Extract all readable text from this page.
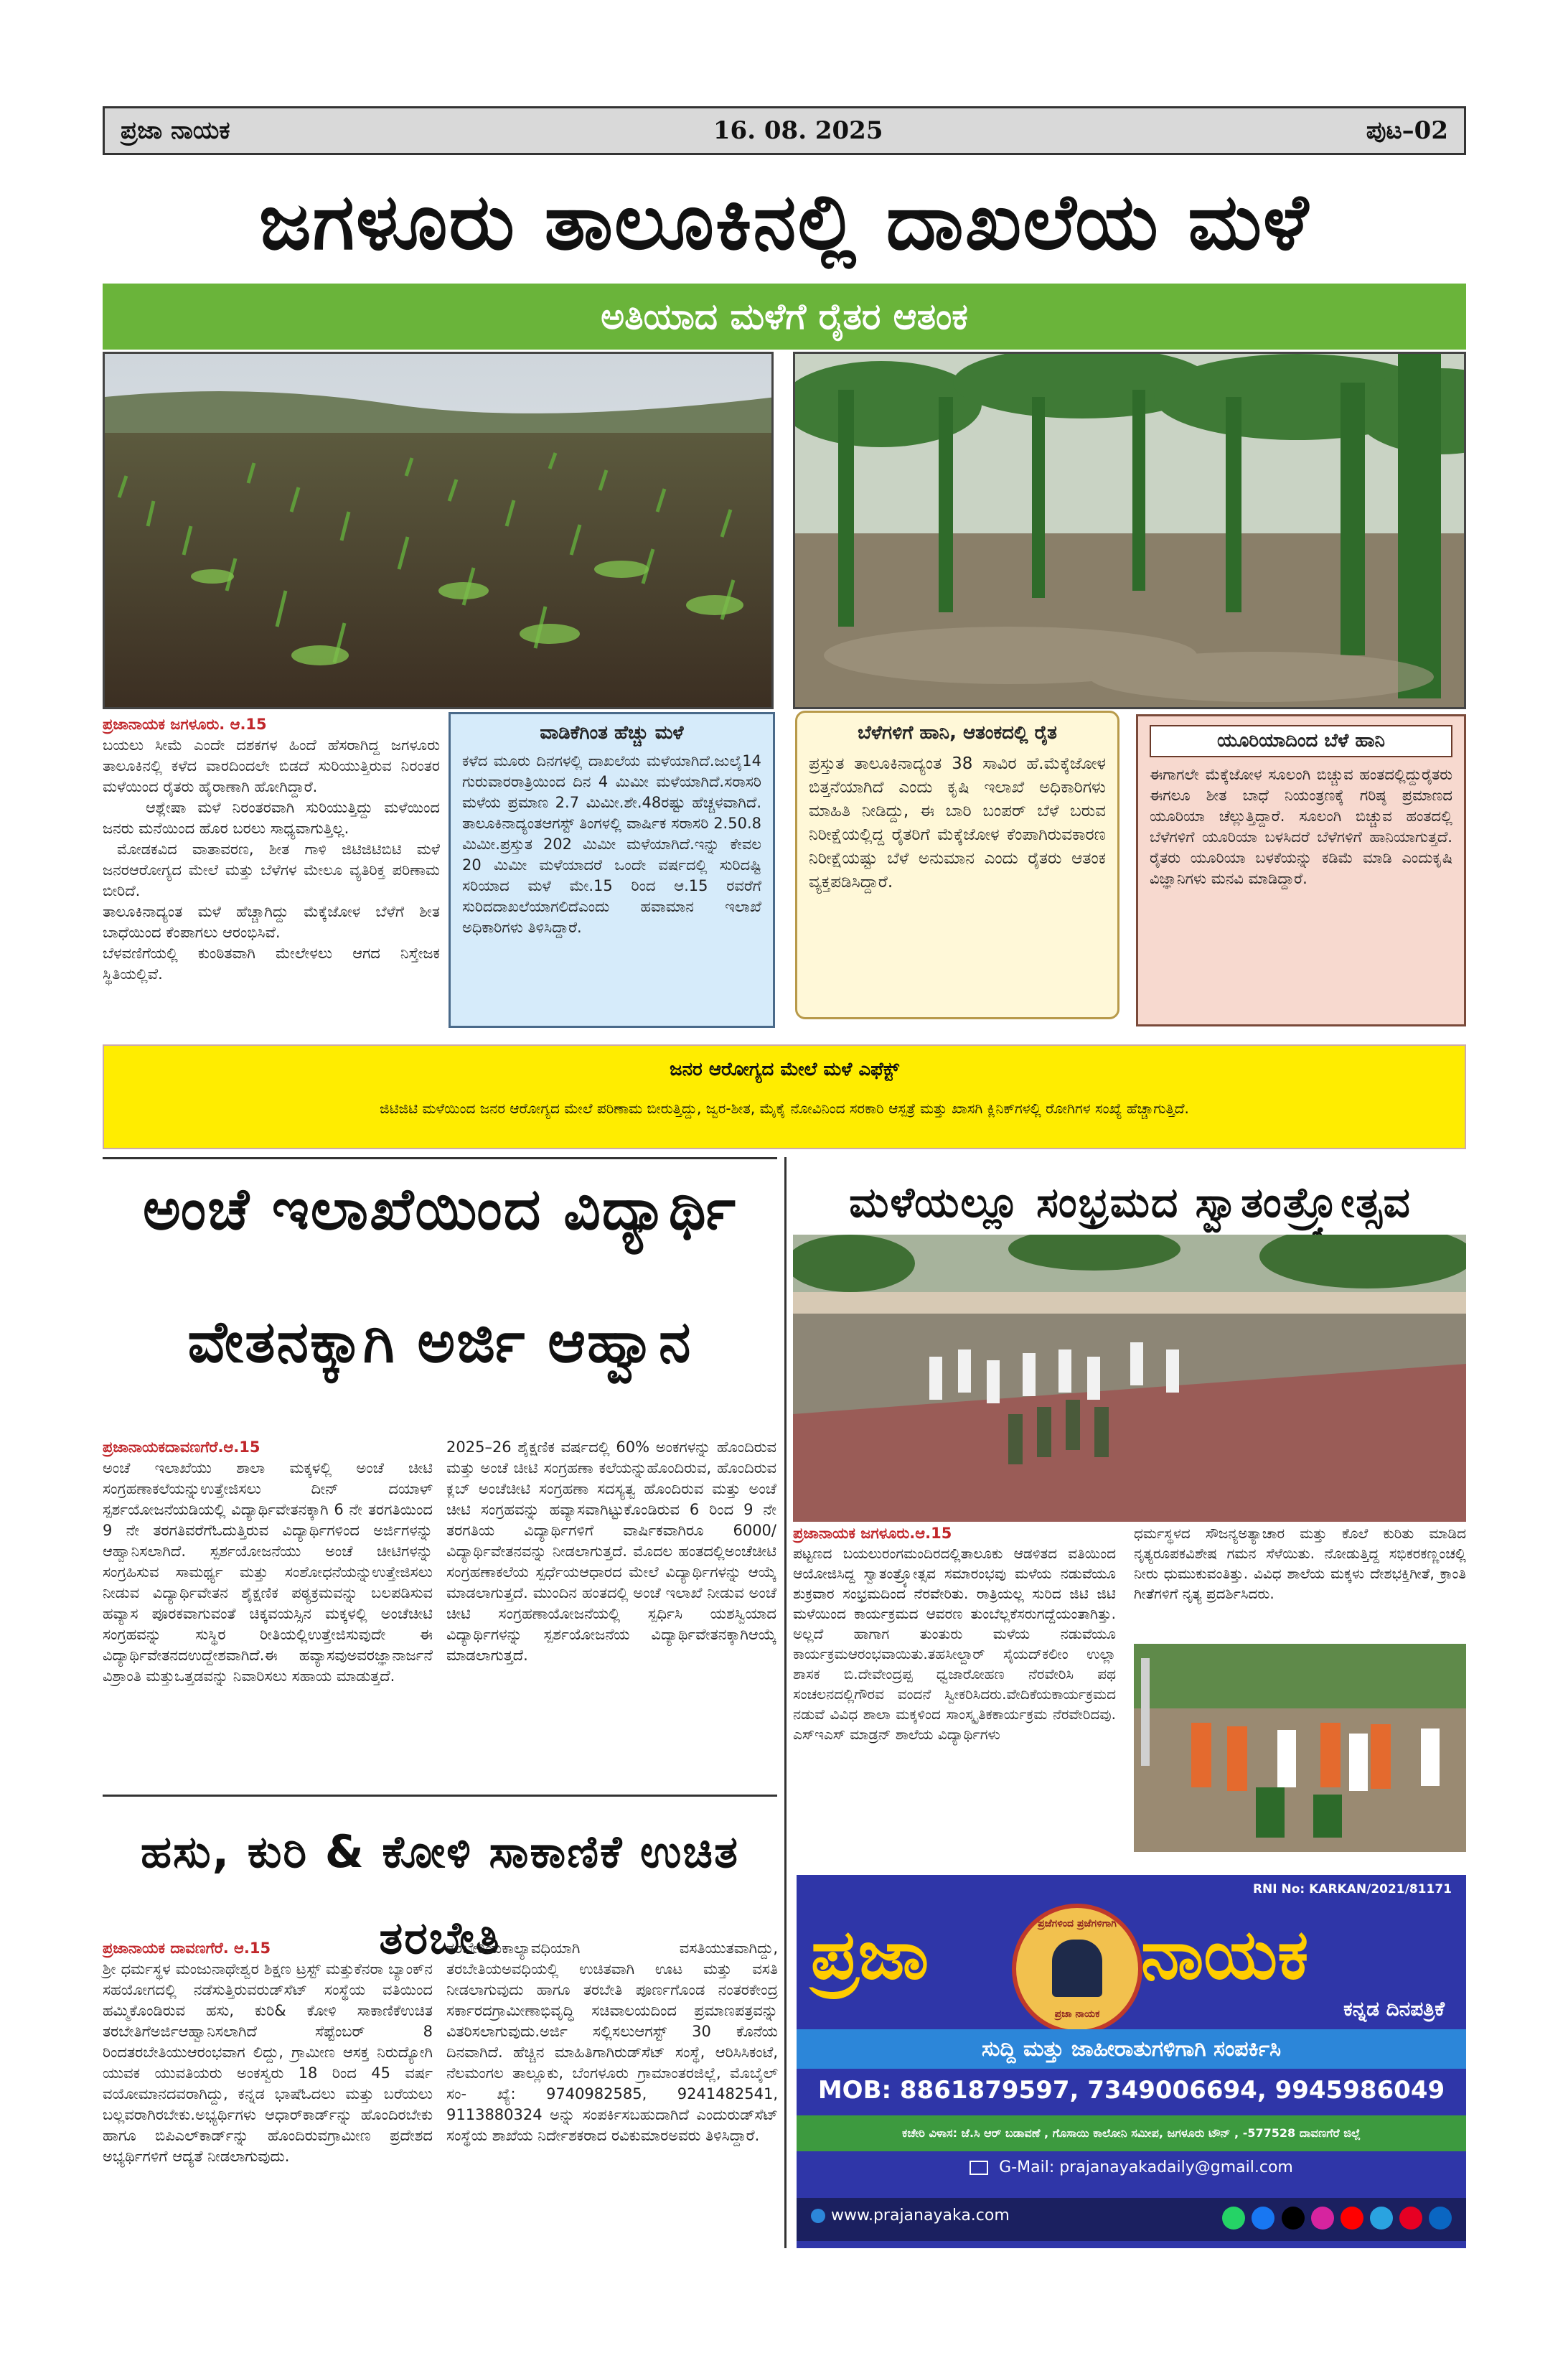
ಪ್ರಜಾ ನಾಯಕ	16. 08. 2025	ಪುಟ–02
ಜಗಳೂರು ತಾಲೂಕಿನಲ್ಲಿ ದಾಖಲೆಯ ಮಳೆ
ಅತಿಯಾದ ಮಳೆಗೆ ರೈತರ ಆತಂಕ
ಪ್ರಜಾನಾಯಕ ಜಗಳೂರು. ಆ.15
ಬಯಲು ಸೀಮೆ ಎಂದೇ ದಶಕಗಳ ಹಿಂದೆ ಹೆಸರಾಗಿದ್ದ ಜಗಳೂರು ತಾಲೂಕಿನಲ್ಲಿ ಕಳೆದ ವಾರದಿಂದಲೇ ಬಿಡದೆ ಸುರಿಯುತ್ತಿರುವ ನಿರಂತರ ಮಳೆಯಿಂದ ರೈತರು ಹೈರಾಣಾಗಿ ಹೋಗಿದ್ದಾರೆ.
ಆಶ್ಲೇಷಾ ಮಳೆ ನಿರಂತರವಾಗಿ ಸುರಿಯುತ್ತಿದ್ದು ಮಳೆಯಿಂದ ಜನರು ಮನೆಯಿಂದ ಹೊರ ಬರಲು ಸಾಧ್ಯವಾಗುತ್ತಿಲ್ಲ.
ಮೋಡಕವಿದ ವಾತಾವರಣ, ಶೀತ ಗಾಳಿ ಜಿಟಿಜಿಟಿಬಿಟಿ ಮಳೆ ಜನರಆರೋಗ್ಯದ ಮೇಲೆ ಮತ್ತು ಬೆಳೆಗಳ ಮೇಲೂ ವ್ಯತಿರಿಕ್ತ ಪರಿಣಾಮ ಬೀರಿದೆ.
ತಾಲೂಕಿನಾದ್ಯಂತ ಮಳೆ ಹೆಚ್ಚಾಗಿದ್ದು ಮೆಕ್ಕೆಜೋಳ ಬೆಳೆಗೆ ಶೀತ ಬಾಧೆಯಿಂದ ಕೆಂಪಾಗಲು ಆರಂಭಿಸಿವೆ.
ಬೆಳವಣಿಗೆಯಲ್ಲಿ ಕುಂಠಿತವಾಗಿ ಮೇಲೇಳಲು ಆಗದ ನಿಸ್ತೇಜಕ ಸ್ಥಿತಿಯಲ್ಲಿವೆ.
ವಾಡಿಕೆಗಿಂತ ಹೆಚ್ಚು ಮಳೆ
ಕಳೆದ ಮೂರು ದಿನಗಳಲ್ಲಿ ದಾಖಲೆಯ ಮಳೆಯಾಗಿದೆ.ಜುಲೈ14 ಗುರುವಾರರಾತ್ರಿಯಿಂದ ದಿನ 4 ಮಿಮೀ ಮಳೆಯಾಗಿದೆ.ಸರಾಸರಿ ಮಳೆಯ ಪ್ರಮಾಣ 2.7 ಮಿಮೀ.ಶೇ.48ರಷ್ಟು ಹೆಚ್ಚಳವಾಗಿದೆ. ತಾಲೂಕಿನಾದ್ಯಂತಆಗಸ್ಟ್ ತಿಂಗಳಲ್ಲಿ ವಾರ್ಷಿಕ ಸರಾಸರಿ 2.50.8 ಮಿಮೀ.ಪ್ರಸ್ತುತ 202 ಮಿಮೀ ಮಳೆಯಾಗಿದೆ.ಇನ್ನು ಕೇವಲ 20 ಮಿಮೀ ಮಳೆಯಾದರೆ ಒಂದೇ ವರ್ಷದಲ್ಲಿ ಸುರಿದಷ್ಟಿ ಸರಿಯಾದ ಮಳೆ ಮೇ.15 ರಿಂದ ಆ.15 ರವರೆಗೆ ಸುರಿದದಾಖಲೆಯಾಗಲಿದೆಎಂದು ಹವಾಮಾನ ಇಲಾಖೆ ಅಧಿಕಾರಿಗಳು ತಿಳಿಸಿದ್ದಾರೆ.
ಬೆಳೆಗಳಿಗೆ ಹಾನಿ, ಆತಂಕದಲ್ಲಿ ರೈತ
ಪ್ರಸ್ತುತ ತಾಲೂಕಿನಾದ್ಯಂತ 38 ಸಾವಿರ ಹೆ.ಮೆಕ್ಕೆಜೋಳ ಬಿತ್ತನೆಯಾಗಿದೆ ಎಂದು ಕೃಷಿ ಇಲಾಖೆ ಅಧಿಕಾರಿಗಳು ಮಾಹಿತಿ ನೀಡಿದ್ದು, ಈ ಬಾರಿ ಬಂಪರ್ ಬೆಳೆ ಬರುವ ನಿರೀಕ್ಷೆಯಲ್ಲಿದ್ದ ರೈತರಿಗೆ ಮೆಕ್ಕೆಜೋಳ ಕೆಂಪಾಗಿರುವಕಾರಣ ನಿರೀಕ್ಷೆಯಷ್ಟು ಬೆಳೆ ಅನುಮಾನ ಎಂದು ರೈತರು ಆತಂಕ ವ್ಯಕ್ತಪಡಿಸಿದ್ದಾರೆ.
ಯೂರಿಯಾದಿಂದ ಬೆಳೆ ಹಾನಿ
ಈಗಾಗಲೇ ಮೆಕ್ಕೆಜೋಳ ಸೂಲಂಗಿ ಬಿಚ್ಚುವ ಹಂತದಲ್ಲಿದ್ದುರೈತರು ಈಗಲೂ ಶೀತ ಬಾಧೆ ನಿಯಂತ್ರಣಕ್ಕೆ ಗರಿಷ್ಠ ಪ್ರಮಾಣದ ಯೂರಿಯಾ ಚೆಲ್ಲುತ್ತಿದ್ದಾರೆ. ಸೂಲಂಗಿ ಬಿಚ್ಚುವ ಹಂತದಲ್ಲಿ ಬೆಳೆಗಳಿಗೆ ಯೂರಿಯಾ ಬಳಸಿದರೆ ಬೆಳೆಗಳಿಗೆ ಹಾನಿಯಾಗುತ್ತದೆ. ರೈತರು ಯೂರಿಯಾ ಬಳಕೆಯನ್ನು ಕಡಿಮೆ ಮಾಡಿ ಎಂದುಕೃಷಿ ವಿಜ್ಞಾನಿಗಳು ಮನವಿ ಮಾಡಿದ್ದಾರೆ.
ಜನರ ಆರೋಗ್ಯದ ಮೇಲೆ ಮಳೆ ಎಫೆಕ್ಟ್
ಜಿಟಿಜಿಟಿ ಮಳೆಯಿಂದ ಜನರ ಆರೋಗ್ಯದ ಮೇಲೆ ಪರಿಣಾಮ ಬೀರುತ್ತಿದ್ದು, ಜ್ವರ-ಶೀತ, ಮೈಕೈ ನೋವಿನಿಂದ ಸರಕಾರಿ ಆಸ್ಪತ್ರೆ ಮತ್ತು ಖಾಸಗಿ ಕ್ಲಿನಿಕ್‌ಗಳಲ್ಲಿ ರೋಗಿಗಳ ಸಂಖ್ಯೆ ಹೆಚ್ಚಾಗುತ್ತಿದೆ.
ಅಂಚೆ ಇಲಾಖೆಯಿಂದ ವಿದ್ಯಾರ್ಥಿ
ವೇತನಕ್ಕಾಗಿ ಅರ್ಜಿ ಆಹ್ವಾನ
ಪ್ರಜಾನಾಯಕದಾವಣಗೆರೆ.ಆ.15
ಅಂಚೆ ಇಲಾಖೆಯು ಶಾಲಾ ಮಕ್ಕಳಲ್ಲಿ ಅಂಚೆ ಚೀಟಿ ಸಂಗ್ರಹಣಾಕಲೆಯನ್ನುಉತ್ತೇಜಿಸಲು ದೀನ್ ದಯಾಳ್ ಸ್ಪರ್ಶಯೋಜನೆಯಡಿಯಲ್ಲಿ ವಿದ್ಯಾರ್ಥಿವೇತನಕ್ಕಾಗಿ 6 ನೇ ತರಗತಿಯಿಂದ 9 ನೇ ತರಗತಿವರೆಗೆಓದುತ್ತಿರುವ ವಿದ್ಯಾರ್ಥಿಗಳಿಂದ ಅರ್ಜಿಗಳನ್ನು ಆಹ್ವಾನಿಸಲಾಗಿದೆ. ಸ್ಪರ್ಶಯೋಜನೆಯು ಅಂಚೆ ಚೀಟಿಗಳನ್ನು ಸಂಗ್ರಹಿಸುವ ಸಾಮರ್ಥ್ಯ ಮತ್ತು ಸಂಶೋಧನೆಯನ್ನುಉತ್ತೇಜಿಸಲು ನೀಡುವ ವಿದ್ಯಾರ್ಥಿವೇತನ ಶೈಕ್ಷಣಿಕ ಪಠ್ಯಕ್ರಮವನ್ನು ಬಲಪಡಿಸುವ ಹವ್ಯಾಸ ಪೂರಕವಾಗುವಂತೆ ಚಿಕ್ಕವಯಸ್ಸಿನ ಮಕ್ಕಳಲ್ಲಿ ಅಂಚೆಚೀಟಿ ಸಂಗ್ರಹವನ್ನು ಸುಸ್ಥಿರ ರೀತಿಯಲ್ಲಿಉತ್ತೇಜಿಸುವುದೇ ಈ ವಿದ್ಯಾರ್ಥಿವೇತನದಉದ್ದೇಶವಾಗಿದೆ.ಈ ಹವ್ಯಾಸವುಅವರಜ್ಞಾನಾರ್ಜನೆ ವಿಶ್ರಾಂತಿ ಮತ್ತುಒತ್ತಡವನ್ನು ನಿವಾರಿಸಲು ಸಹಾಯ ಮಾಡುತ್ತದೆ.
2025–26 ಶೈಕ್ಷಣಿಕ ವರ್ಷದಲ್ಲಿ 60% ಅಂಕಗಳನ್ನು ಹೊಂದಿರುವ ಮತ್ತು ಅಂಚೆ ಚೀಟಿ ಸಂಗ್ರಹಣಾ ಕಲೆಯನ್ನುಹೊಂದಿರುವ, ಹೊಂದಿರುವ ಕ್ಲಬ್ ಅಂಚೆಚೀಟಿ ಸಂಗ್ರಹಣಾ ಸದಸ್ಯತ್ವ ಹೊಂದಿರುವ ಮತ್ತು ಅಂಚೆ ಚೀಟಿ ಸಂಗ್ರಹವನ್ನು ಹವ್ಯಾಸವಾಗಿಟ್ಟುಕೊಂಡಿರುವ 6 ರಿಂದ 9 ನೇ ತರಗತಿಯ ವಿದ್ಯಾರ್ಥಿಗಳಿಗೆ ವಾರ್ಷಿಕವಾಗಿರೂ 6000/ ವಿದ್ಯಾರ್ಥಿವೇತನವನ್ನು ನೀಡಲಾಗುತ್ತದೆ. ಮೊದಲ ಹಂತದಲ್ಲಿಅಂಚೆಚೀಟಿ ಸಂಗ್ರಹಣಾಕಲೆಯ ಸ್ಪರ್ಧೆಯಆಧಾರದ ಮೇಲೆ ವಿದ್ಯಾರ್ಥಿಗಳನ್ನು ಆಯ್ಕೆ ಮಾಡಲಾಗುತ್ತದೆ. ಮುಂದಿನ ಹಂತದಲ್ಲಿ ಅಂಚೆ ಇಲಾಖೆ ನೀಡುವ ಅಂಚೆ ಚೀಟಿ ಸಂಗ್ರಹಣಾಯೋಜನೆಯಲ್ಲಿ ಸ್ಪರ್ಧಿಸಿ ಯಶಸ್ವಿಯಾದ ವಿದ್ಯಾರ್ಥಿಗಳನ್ನು ಸ್ಪರ್ಶಯೋಜನೆಯ ವಿದ್ಯಾರ್ಥಿವೇತನಕ್ಕಾಗಿಆಯ್ಕೆ ಮಾಡಲಾಗುತ್ತದೆ.
ಹಸು, ಕುರಿ & ಕೋಳಿ ಸಾಕಾಣಿಕೆ ಉಚಿತ ತರಬೇತಿ
ಪ್ರಜಾನಾಯಕ ದಾವಣಗೆರೆ. ಆ.15
ಶ್ರೀ ಧರ್ಮಸ್ಥಳ ಮಂಜುನಾಥೇಶ್ವರ ಶಿಕ್ಷಣ ಟ್ರಸ್ಟ್ ಮತ್ತುಕೆನರಾ ಬ್ಯಾಂಕ್‌ನ ಸಹಯೋಗದಲ್ಲಿ ನಡೆಸುತ್ತಿರುವರುಡ್‌ಸೆಟ್ ಸಂಸ್ಥೆಯ ವತಿಯಿಂದ ಹಮ್ಮಿಕೊಂಡಿರುವ ಹಸು, ಕುರಿ& ಕೋಳಿ ಸಾಕಾಣಿಕೆಉಚಿತ ತರಬೇತಿಗೆಅರ್ಜಿಆಹ್ವಾನಿಸಲಾಗಿದೆ ಸೆಪ್ಟೆಂಬರ್ 8 ರಿಂದತರಬೇತಿಯುಆರಂಭವಾಗ ಲಿದ್ದು, ಗ್ರಾಮೀಣ ಆಸಕ್ತ ನಿರುದ್ಯೋಗಿ ಯುವಕ ಯುವತಿಯರು ಅಂಕಸ್ವರು 18 ರಿಂದ 45 ವರ್ಷ ವಯೋಮಾನದವರಾಗಿದ್ದು, ಕನ್ನಡ ಭಾಷೆಓದಲು ಮತ್ತು ಬರೆಯಲು ಬಲ್ಲವರಾಗಿರಬೇಕು.ಅಭ್ಯರ್ಥಿಗಳು ಆಧಾರ್‌ಕಾರ್ಡ್‌ನ್ನು ಹೊಂದಿರಬೇಕು ಹಾಗೂ ಬಿಪಿಎಲ್‌ಕಾರ್ಡ್‌ನ್ನು ಹೊಂದಿರುವಗ್ರಾಮೀಣ ಪ್ರದೇಶದ ಅಭ್ಯರ್ಥಿಗಳಿಗೆ ಆದ್ಯತೆ ನೀಡಲಾಗುವುದು.
ತರಬೇತಿಯಕಾಲ್ಯಾವಧಿಯಾಗಿ ವಸತಿಯುತವಾಗಿದ್ದು, ತರಬೇತಿಯಅವಧಿಯಲ್ಲಿ ಉಚಿತವಾಗಿ ಊಟ ಮತ್ತು ವಸತಿ ನೀಡಲಾಗುವುದು ಹಾಗೂ ತರಬೇತಿ ಪೂರ್ಣಗೊಂಡ ನಂತರಕೇಂದ್ರ ಸರ್ಕಾರದಗ್ರಾಮೀಣಾಭಿವೃದ್ಧಿ ಸಚಿವಾಲಯದಿಂದ ಪ್ರಮಾಣಪತ್ರವನ್ನು ವಿತರಿಸಲಾಗುವುದು.ಅರ್ಜಿ ಸಲ್ಲಿಸಲುಆಗಸ್ಟ್ 30 ಕೊನೆಯ ದಿನವಾಗಿದೆ. ಹೆಚ್ಚಿನ ಮಾಹಿತಿಗಾಗಿರುಡ್‌ಸೆಟ್ ಸಂಸ್ಥೆ, ಆರಿಸಿಸಿಕಂಟೆ, ನೆಲಮಂಗಲ ತಾಲ್ಲೂಕು, ಬೆಂಗಳೂರು ಗ್ರಾಮಾಂತರಜಿಲ್ಲೆ, ಮೊಬೈಲ್ ಸಂ- ಖ್ಯೆ: 9740982585, 9241482541, 9113880324 ಅನ್ನು ಸಂಪರ್ಕಿಸಬಹುದಾಗಿದೆ ಎಂದುರುಡ್‌ಸೆಟ್ ಸಂಸ್ಥೆಯ ಶಾಖೆಯ ನಿರ್ದೇಶಕರಾದ ರವಿಕುಮಾರ‌ಅವರು ತಿಳಿಸಿದ್ದಾರೆ.
ಮಳೆಯಲ್ಲೂ ಸಂಭ್ರಮದ ಸ್ವಾತಂತ್ರ್ಯೋತ್ಸವ
ಪ್ರಜಾನಾಯಕ ಜಗಳೂರು.ಆ.15
ಪಟ್ಟಣದ ಬಯಲುರಂಗಮಂದಿರದಲ್ಲಿತಾಲೂಕು ಆಡಳಿತದ ವತಿಯಿಂದ ಆಯೋಜಿಸಿದ್ದ ಸ್ವಾತಂತ್ರ್ಯೋತ್ಸವ ಸಮಾರಂಭವು ಮಳೆಯ ನಡುವೆಯೂ ಶುಕ್ರವಾರ ಸಂಭ್ರಮದಿಂದ ನೆರವೇರಿತು. ರಾತ್ರಿಯಲ್ಲ ಸುರಿದ ಜಿಟಿ ಜಿಟಿ ಮಳೆಯಿಂದ ಕಾರ್ಯಕ್ರಮದ ಆವರಣ ತುಂಬೆಲ್ಲಕೆಸರುಗದ್ದೆಯಂತಾಗಿತ್ತು. ಅಲ್ಲದೆ ಹಾಗಾಗ ತುಂತುರು ಮಳೆಯ ನಡುವೆಯೂ ಕಾರ್ಯಕ್ರಮಆರಂಭವಾಯಿತು.ತಹಸೀಲ್ದಾರ್ ಸೈಯದ್‌ಕಲೀಂ ಉಲ್ಲಾ ಶಾಸಕ ಬಿ.ದೇವೇಂದ್ರಪ್ಪ ಧ್ವಜಾರೋಹಣ ನೆರವೇರಿಸಿ ಪಥ ಸಂಚಲನದಲ್ಲಿಗೌರವ ವಂದನೆ ಸ್ವೀಕರಿಸಿದರು.ವೇದಿಕೆಯಕಾರ್ಯಕ್ರಮದ ನಡುವೆ ವಿವಿಧ ಶಾಲಾ ಮಕ್ಕಳಿಂದ ಸಾಂಸ್ಕೃತಿಕಕಾರ್ಯಕ್ರಮ ನೆರವೇರಿದವು. ಎಸ್‌ಇಎಸ್ ಮಾಡ್ರನ್ ಶಾಲೆಯ ವಿದ್ಯಾರ್ಥಿಗಳು
ಧರ್ಮಸ್ಥಳದ ಸೌಜನ್ಯಅತ್ಯಾಚಾರ ಮತ್ತು ಕೊಲೆ ಕುರಿತು ಮಾಡಿದ ನೃತ್ಯರೂಪಕವಿಶೇಷ ಗಮನ ಸೆಳೆಯಿತು. ನೋಡುತ್ತಿದ್ದ ಸಭಿಕರಕಣ್ಣಂಚಲ್ಲಿ ನೀರು ಧುಮುಕುವಂತಿತ್ತು. ವಿವಿಧ ಶಾಲೆಯ ಮಕ್ಕಳು ದೇಶಭಕ್ತಿಗೀತೆ, ಕ್ರಾಂತಿ ಗೀತೆಗಳಿಗೆ ನೃತ್ಯ ಪ್ರದರ್ಶಿಸಿದರು.
RNI No: KARKAN/2021/81171
ಪ್ರಜಾ	ಪ್ರಜೆಗಳಿಂದ ಪ್ರಜೆಗಳಿಗಾಗಿ
ಪ್ರಜಾ ನಾಯಕ
ನಾಯಕ
ಕನ್ನಡ ದಿನಪತ್ರಿಕೆ
ಸುದ್ದಿ ಮತ್ತು ಜಾಹೀರಾತುಗಳಿಗಾಗಿ ಸಂಪರ್ಕಿಸಿ
MOB: 8861879597, 7349006694, 9945986049
ಕಚೇರಿ ವಿಳಾಸ: ಜೆ.ಸಿ ಆರ್ ಬಡಾವಣೆ , ಗೊಸಾಯಿ ಕಾಲೋನಿ ಸಮೀಪ, ಜಗಳೂರು ಟೌನ್ , -577528 ದಾವಣಗೆರೆ ಜಿಲ್ಲೆ
G-Mail: prajanayakadaily@gmail.com
www.prajanayaka.com
